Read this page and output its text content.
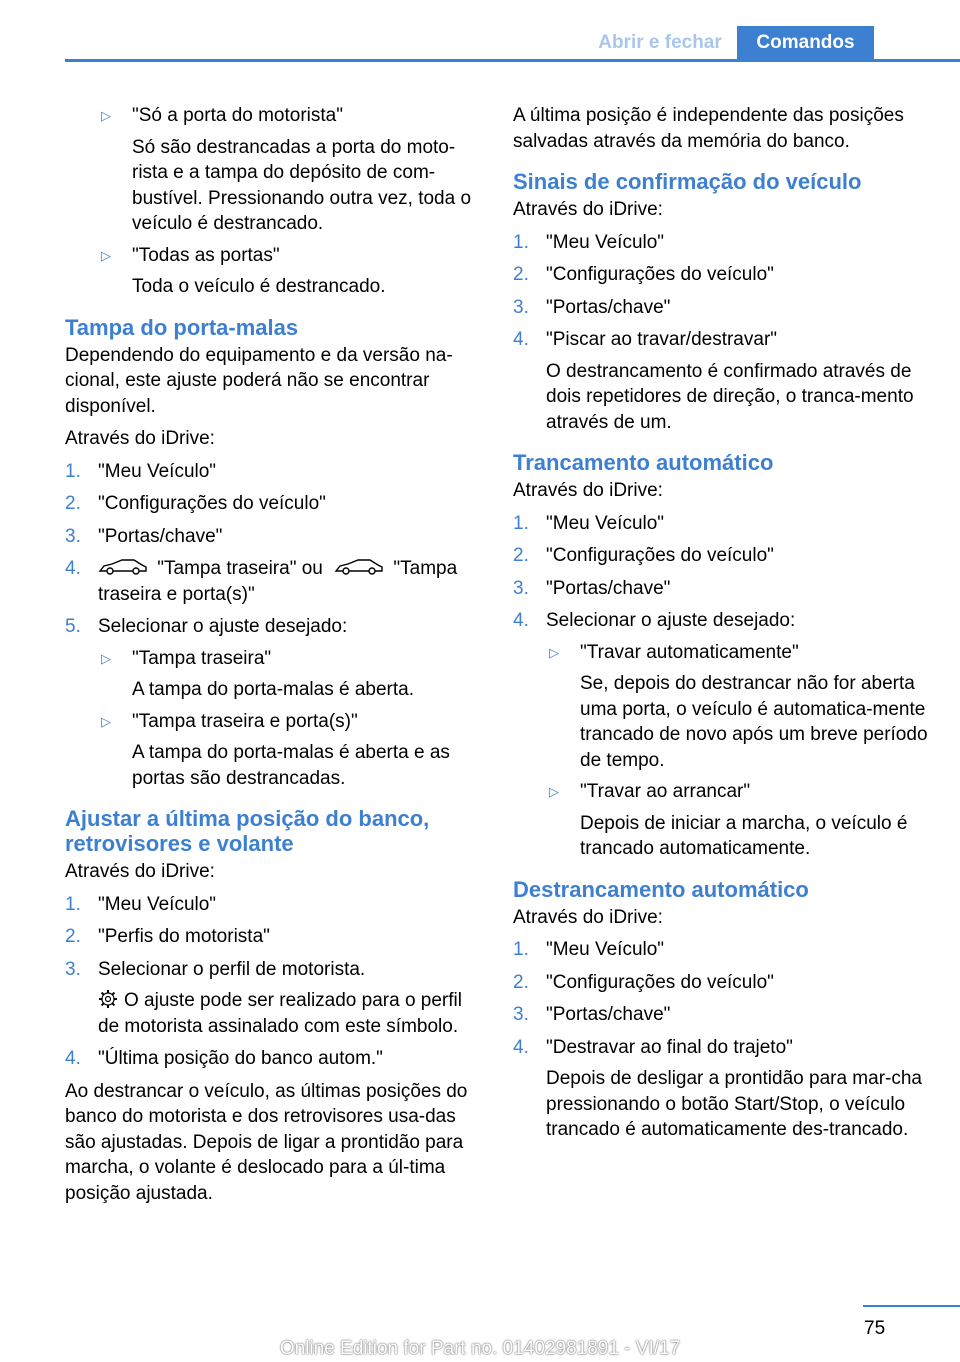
Abrir e fechar	Comandos
▷ "Só a porta do motorista"
Só são destrancadas a porta do moto-rista e a tampa do depósito de com-bustível. Pressionando outra vez, toda o veículo é destrancado.
▷ "Todas as portas"
Toda o veículo é destrancado.
Tampa do porta-malas

Dependendo do equipamento e da versão na-cional, este ajuste poderá não se encontrar disponível.

Através do iDrive:

1. "Meu Veículo"
2. "Configurações do veículo"
3. "Portas/chave"
4.	"Tampa traseira" ou	"Tampa traseira e porta(s)"
5. Selecionar o ajuste desejado:
▷ "Tampa traseira"
A tampa do porta-malas é aberta.
▷ "Tampa traseira e porta(s)"
A tampa do porta-malas é aberta e as portas são destrancadas.
Ajustar a última posição do banco, retrovisores e volante

Através do iDrive:

1. "Meu Veículo"
2. "Perfis do motorista"
3. Selecionar o perfil de motorista.
O ajuste pode ser realizado para o perfil de motorista assinalado com este símbolo.
4. "Última posição do banco autom."

Ao destrancar o veículo, as últimas posições do banco do motorista e dos retrovisores usa-das são ajustadas. Depois de ligar a prontidão para marcha, o volante é deslocado para a úl-tima posição ajustada.

A última posição é independente das posições salvadas através da memória do banco.

Sinais de confirmação do veículo

Através do iDrive:

1. "Meu Veículo"
2. "Configurações do veículo"
3. "Portas/chave"
4. "Piscar ao travar/destravar"
O destrancamento é confirmado através de dois repetidores de direção, o tranca-mento através de um.
Trancamento automático

Através do iDrive:

1. "Meu Veículo"
2. "Configurações do veículo"
3. "Portas/chave"
4. Selecionar o ajuste desejado:
▷ "Travar automaticamente"
Se, depois do destrancar não for aberta uma porta, o veículo é automatica-mente trancado de novo após um breve período de tempo.
▷ "Travar ao arrancar"
Depois de iniciar a marcha, o veículo é trancado automaticamente.
Destrancamento automático

Através do iDrive:

1. "Meu Veículo"
2. "Configurações do veículo"
3. "Portas/chave"
4. "Destravar ao final do trajeto"
Depois de desligar a prontidão para mar-cha pressionando o botão Start/Stop, o veículo trancado é automaticamente des-trancado.
75
Online Edition for Part no. 01402981891 - VI/17
